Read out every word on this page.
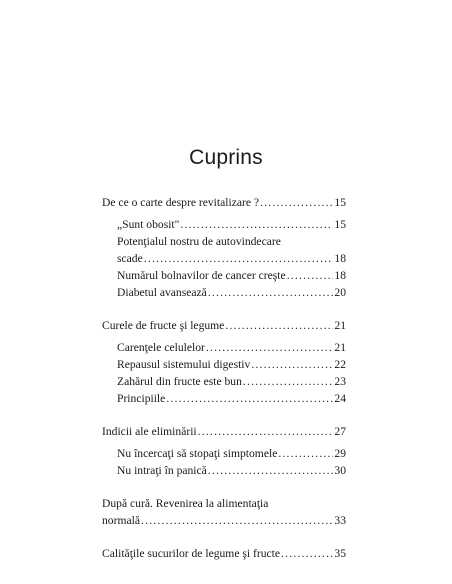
Cuprins
De ce o carte despre revitalizare ? .....	15
„Sunt obosit" .....	15
Potenţialul nostru de autovindecare
scade .....	18
Numărul bolnavilor de cancer creşte .....	18
Diabetul avansează .....	20
Curele de fructe şi legume .....	21
Carenţele celulelor .....	21
Repausul sistemului digestiv .....	22
Zahărul din fructe este bun .....	23
Principiile .....	24
Indicii ale eliminării .....	27
Nu încercaţi să stopaţi simptomele .....	29
Nu intraţi în panică .....	30
După cură. Revenirea la alimentaţia
normală .....	33
Calităţile sucurilor de legume şi fructe .....	35
